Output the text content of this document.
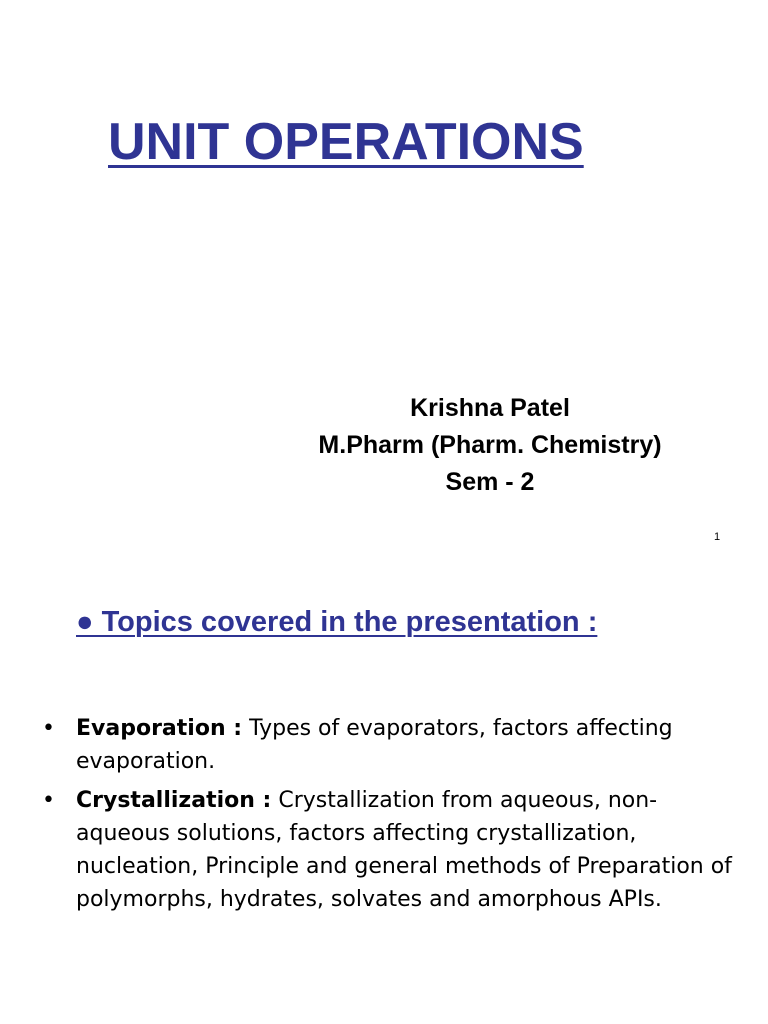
UNIT OPERATIONS
Krishna Patel
M.Pharm (Pharm. Chemistry)
Sem - 2
1
● Topics covered in the presentation :
• Evaporation : Types of evaporators, factors affecting evaporation.
• Crystallization : Crystallization from aqueous, non-aqueous solutions, factors affecting crystallization, nucleation, Principle and general methods of Preparation of polymorphs, hydrates, solvates and amorphous APIs.
